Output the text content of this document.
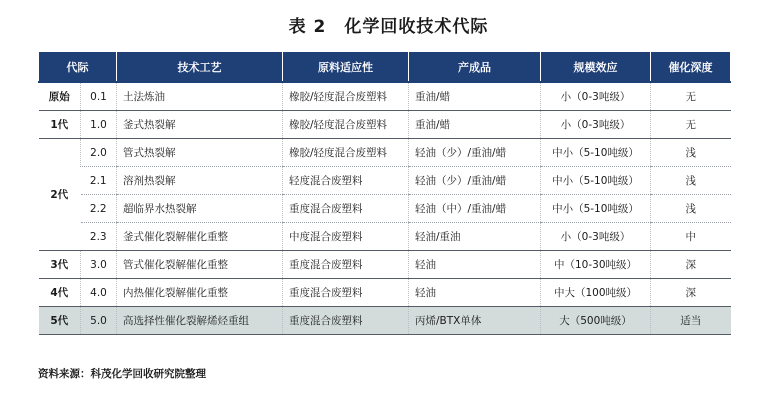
表 2　化学回收技术代际
代际		技术工艺	原料适应性	产成品	规模效应	催化深度
原始	0.1	土法炼油	橡胶/轻度混合废塑料	重油/蜡	小（0-3吨级）	无
1代	1.0	釜式热裂解	橡胶/轻度混合废塑料	重油/蜡	小（0-3吨级）	无
2代	2.0	管式热裂解	橡胶/轻度混合废塑料	轻油（少）/重油/蜡	中小（5-10吨级）	浅
	2.1	溶剂热裂解	轻度混合废塑料	轻油（少）/重油/蜡	中小（5-10吨级）	浅
	2.2	超临界水热裂解	重度混合废塑料	轻油（中）/重油/蜡	中小（5-10吨级）	浅
	2.3	釜式催化裂解催化重整	中度混合废塑料	轻油/重油	小（0-3吨级）	中
3代	3.0	管式催化裂解催化重整	重度混合废塑料	轻油	中（10-30吨级）	深
4代	4.0	内热催化裂解催化重整	重度混合废塑料	轻油	中大（100吨级）	深
5代	5.0	高选择性催化裂解烯烃重组	重度混合废塑料	丙烯/BTX单体	大（500吨级）	适当
资料来源：科茂化学回收研究院整理
